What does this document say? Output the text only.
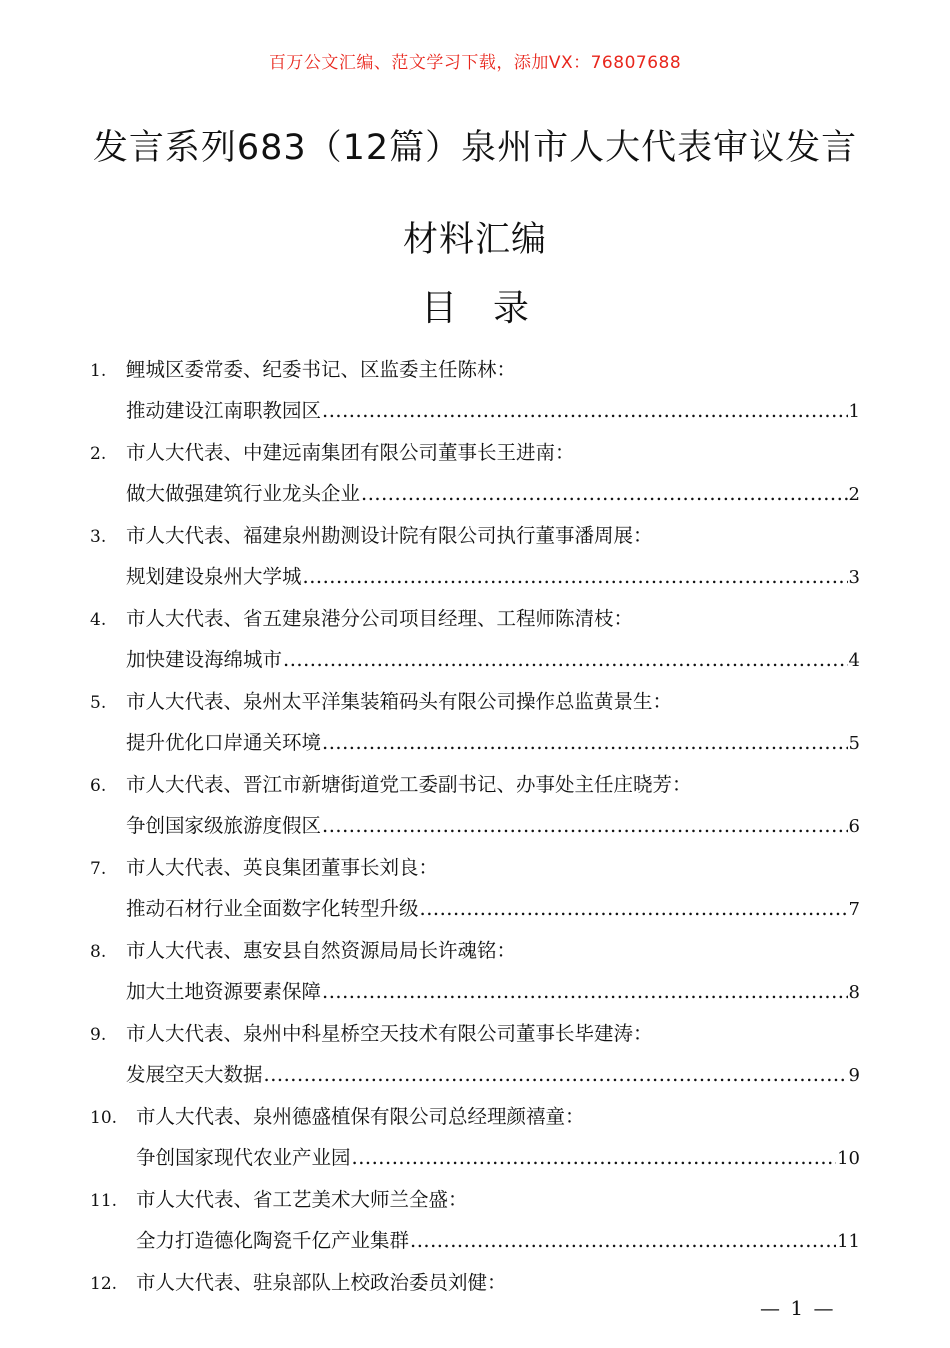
百万公文汇编、范文学习下载，添加VX：76807688
发言系列683（12篇）泉州市人大代表审议发言
材料汇编
目录
1. 鲤城区委常委、纪委书记、区监委主任陈林：
推动建设江南职教园区 .....	1
2. 市人大代表、中建远南集团有限公司董事长王进南：
做大做强建筑行业龙头企业 .....	2
3. 市人大代表、福建泉州勘测设计院有限公司执行董事潘周展：
规划建设泉州大学城 .....	3
4. 市人大代表、省五建泉港分公司项目经理、工程师陈清枝：
加快建设海绵城市 .....	4
5. 市人大代表、泉州太平洋集装箱码头有限公司操作总监黄景生：
提升优化口岸通关环境 .....	5
6. 市人大代表、晋江市新塘街道党工委副书记、办事处主任庄晓芳：
争创国家级旅游度假区 .....	6
7. 市人大代表、英良集团董事长刘良：
推动石材行业全面数字化转型升级 .....	7
8. 市人大代表、惠安县自然资源局局长许魂铭：
加大土地资源要素保障 .....	8
9. 市人大代表、泉州中科星桥空天技术有限公司董事长毕建涛：
发展空天大数据 .....	9
10. 市人大代表、泉州德盛植保有限公司总经理颜禧童：
争创国家现代农业产业园 .....	10
11. 市人大代表、省工艺美术大师兰全盛：
全力打造德化陶瓷千亿产业集群 .....	11
12. 市人大代表、驻泉部队上校政治委员刘健：
— 1 —
